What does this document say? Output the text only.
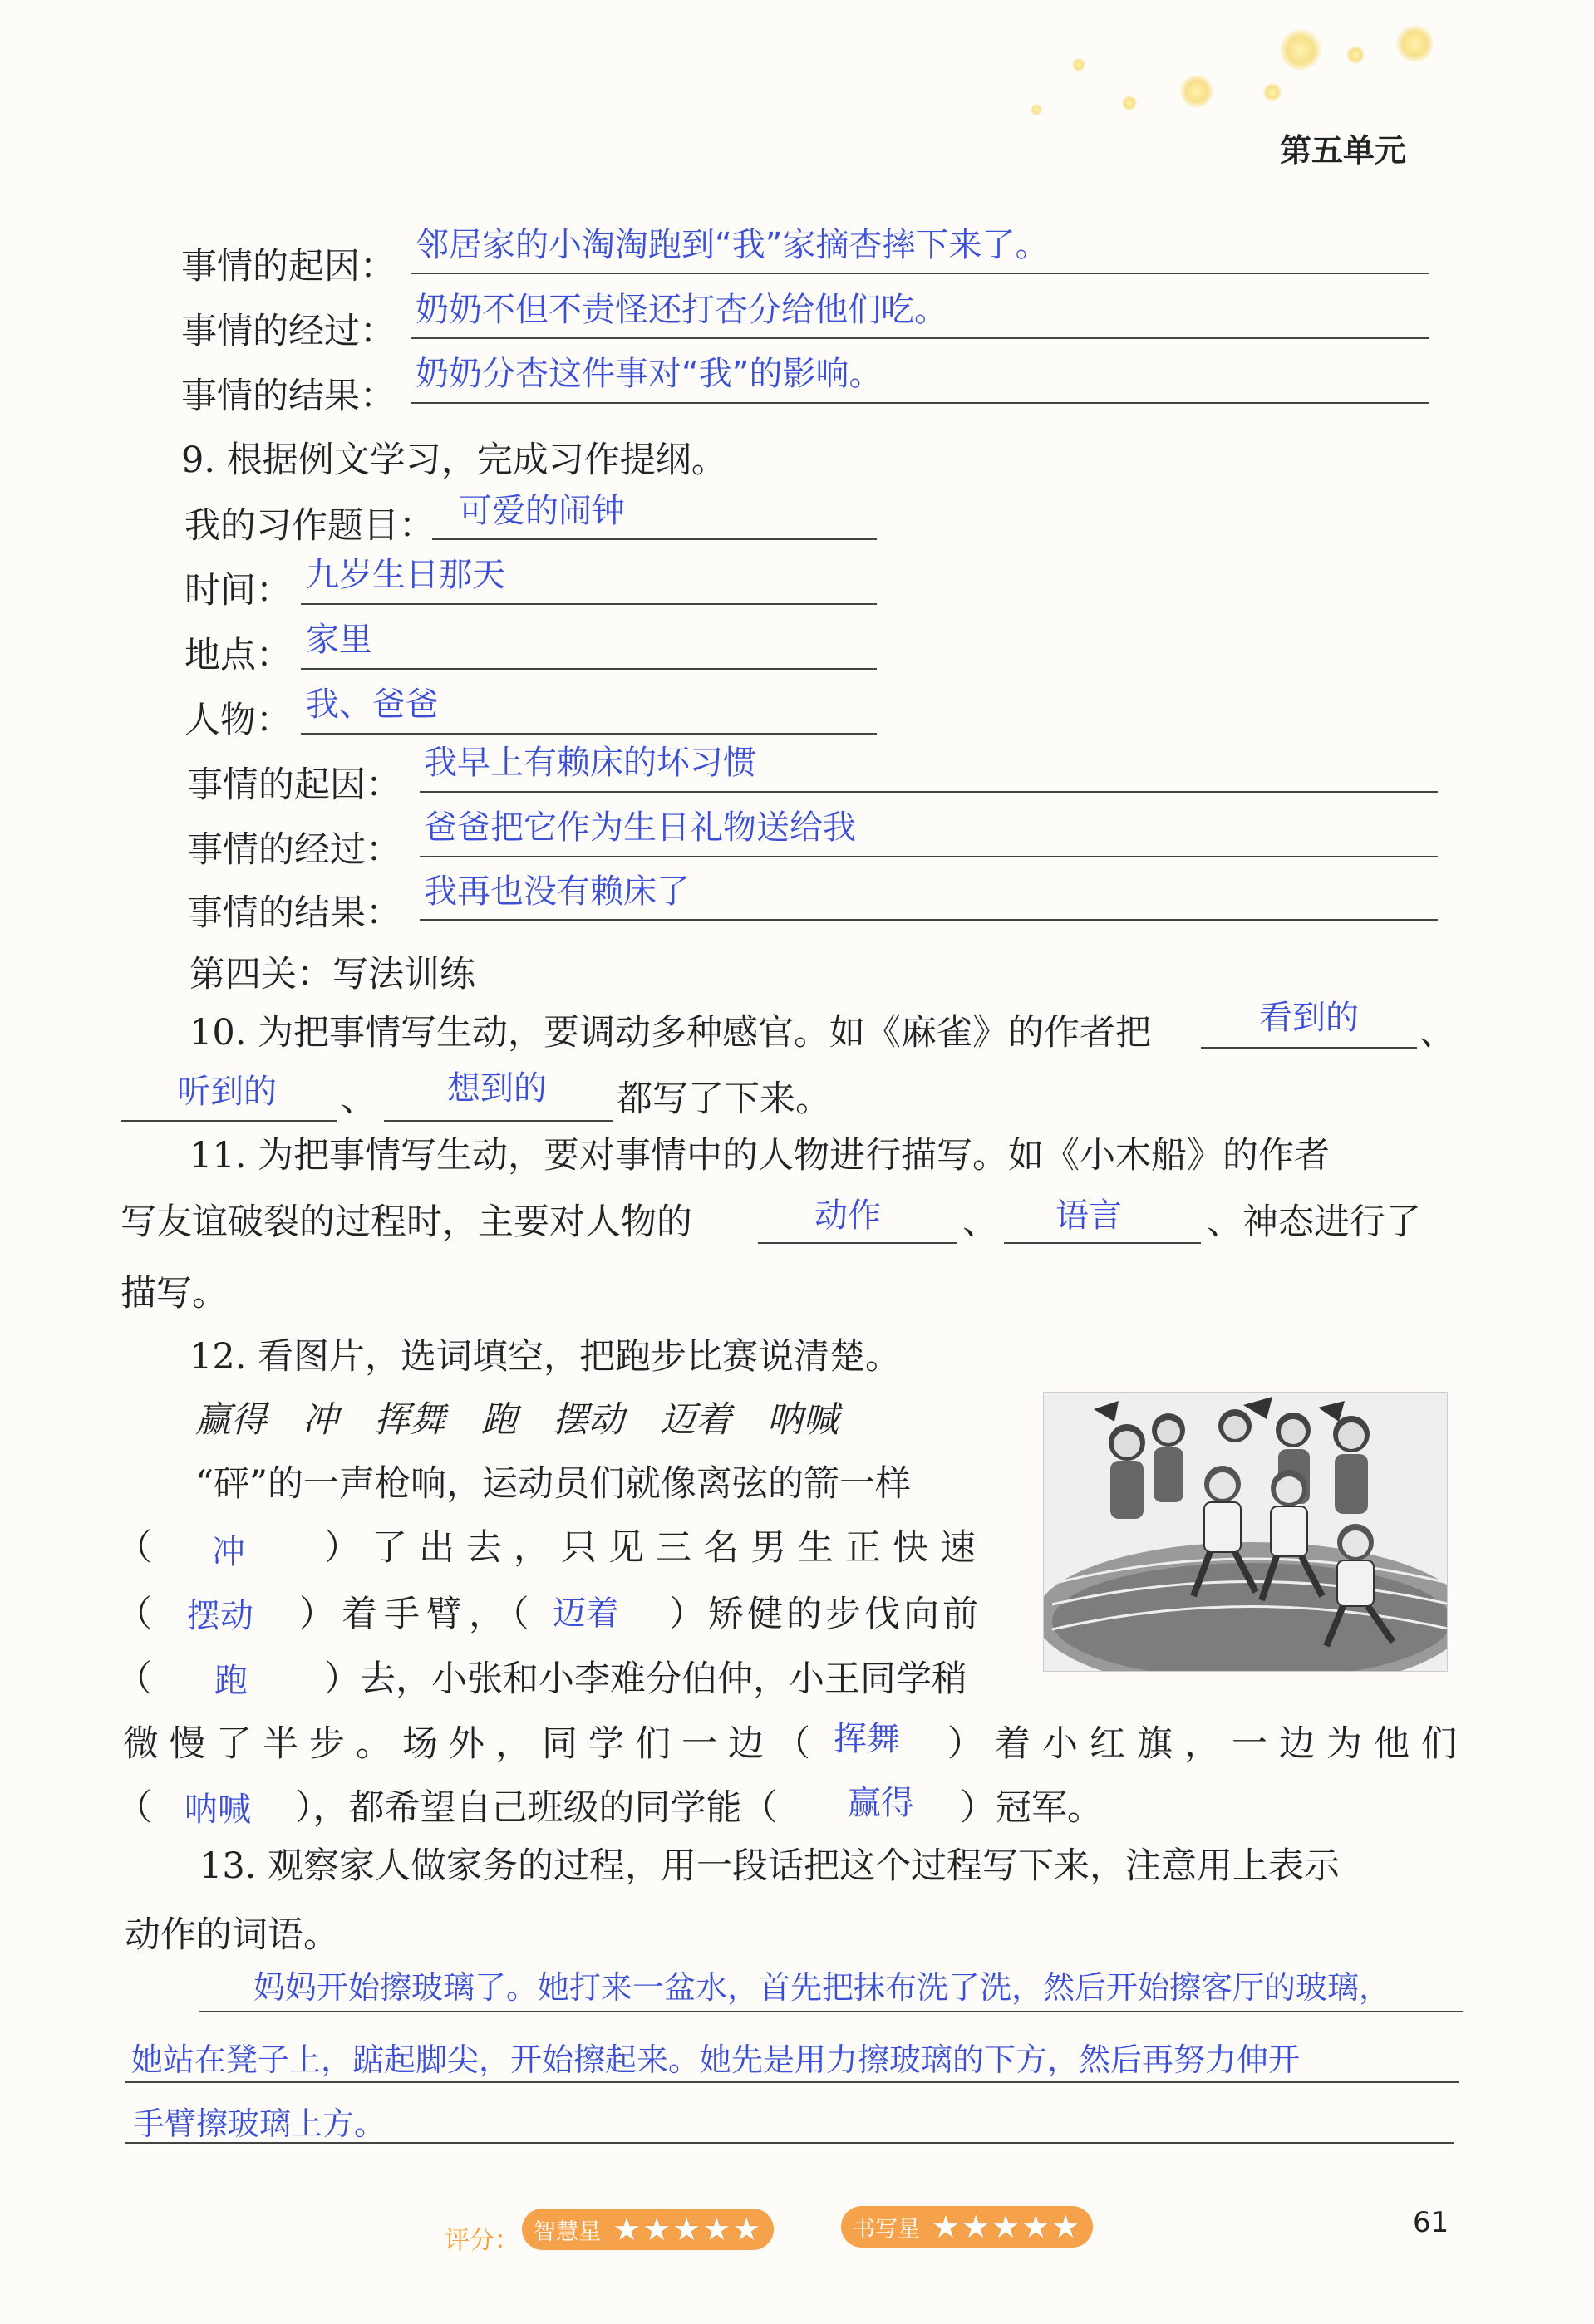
第五单元
事情的起因：
邻居家的小淘淘跑到“我”家摘杏摔下来了。
事情的经过：
奶奶不但不责怪还打杏分给他们吃。
事情的结果：
奶奶分杏这件事对“我”的影响。
9. 根据例文学习，完成习作提纲。
我的习作题目： 可爱的闹钟
时间： 九岁生日那天
地点： 家里
人物： 我、爸爸
事情的起因：
我早上有赖床的坏习惯
事情的经过：
爸爸把它作为生日礼物送给我
事情的结果：
我再也没有赖床了
第四关：写法训练
10. 为把事情写生动，要调动多种感官。如《麻雀》的作者把	看到的 、
听到的 、 想到的 都写了下来。
11. 为把事情写生动，要对事情中的人物进行描写。如《小木船》的作者
写友谊破裂的过程时，主要对人物的	动作 、 语言 、神态进行了
描写。
12. 看图片，选词填空，把跑步比赛说清楚。
赢得　冲　挥舞　跑　摆动　迈着　呐喊
“砰”的一声枪响，运动员们就像离弦的箭一样
（ 冲 ）了出去，只见三名男生正快速
（ 摆动 ）着手臂，（ 迈着 ）矫健的步伐向前
（ 跑 ）去，小张和小李难分伯仲，小王同学稍
微慢了半步。场外，同学们一边（ 挥舞 ）着小红旗，一边为他们
（ 呐喊 ），都希望自己班级的同学能（ 赢得 ）冠军。
13. 观察家人做家务的过程，用一段话把这个过程写下来，注意用上表示
动作的词语。
妈妈开始擦玻璃了。她打来一盆水，首先把抹布洗了洗，然后开始擦客厅的玻璃，
她站在凳子上，踮起脚尖，开始擦起来。她先是用力擦玻璃的下方，然后再努力伸开
手臂擦玻璃上方。
评分： 智慧星 ★★★★★	书写星 ★★★★★	61
